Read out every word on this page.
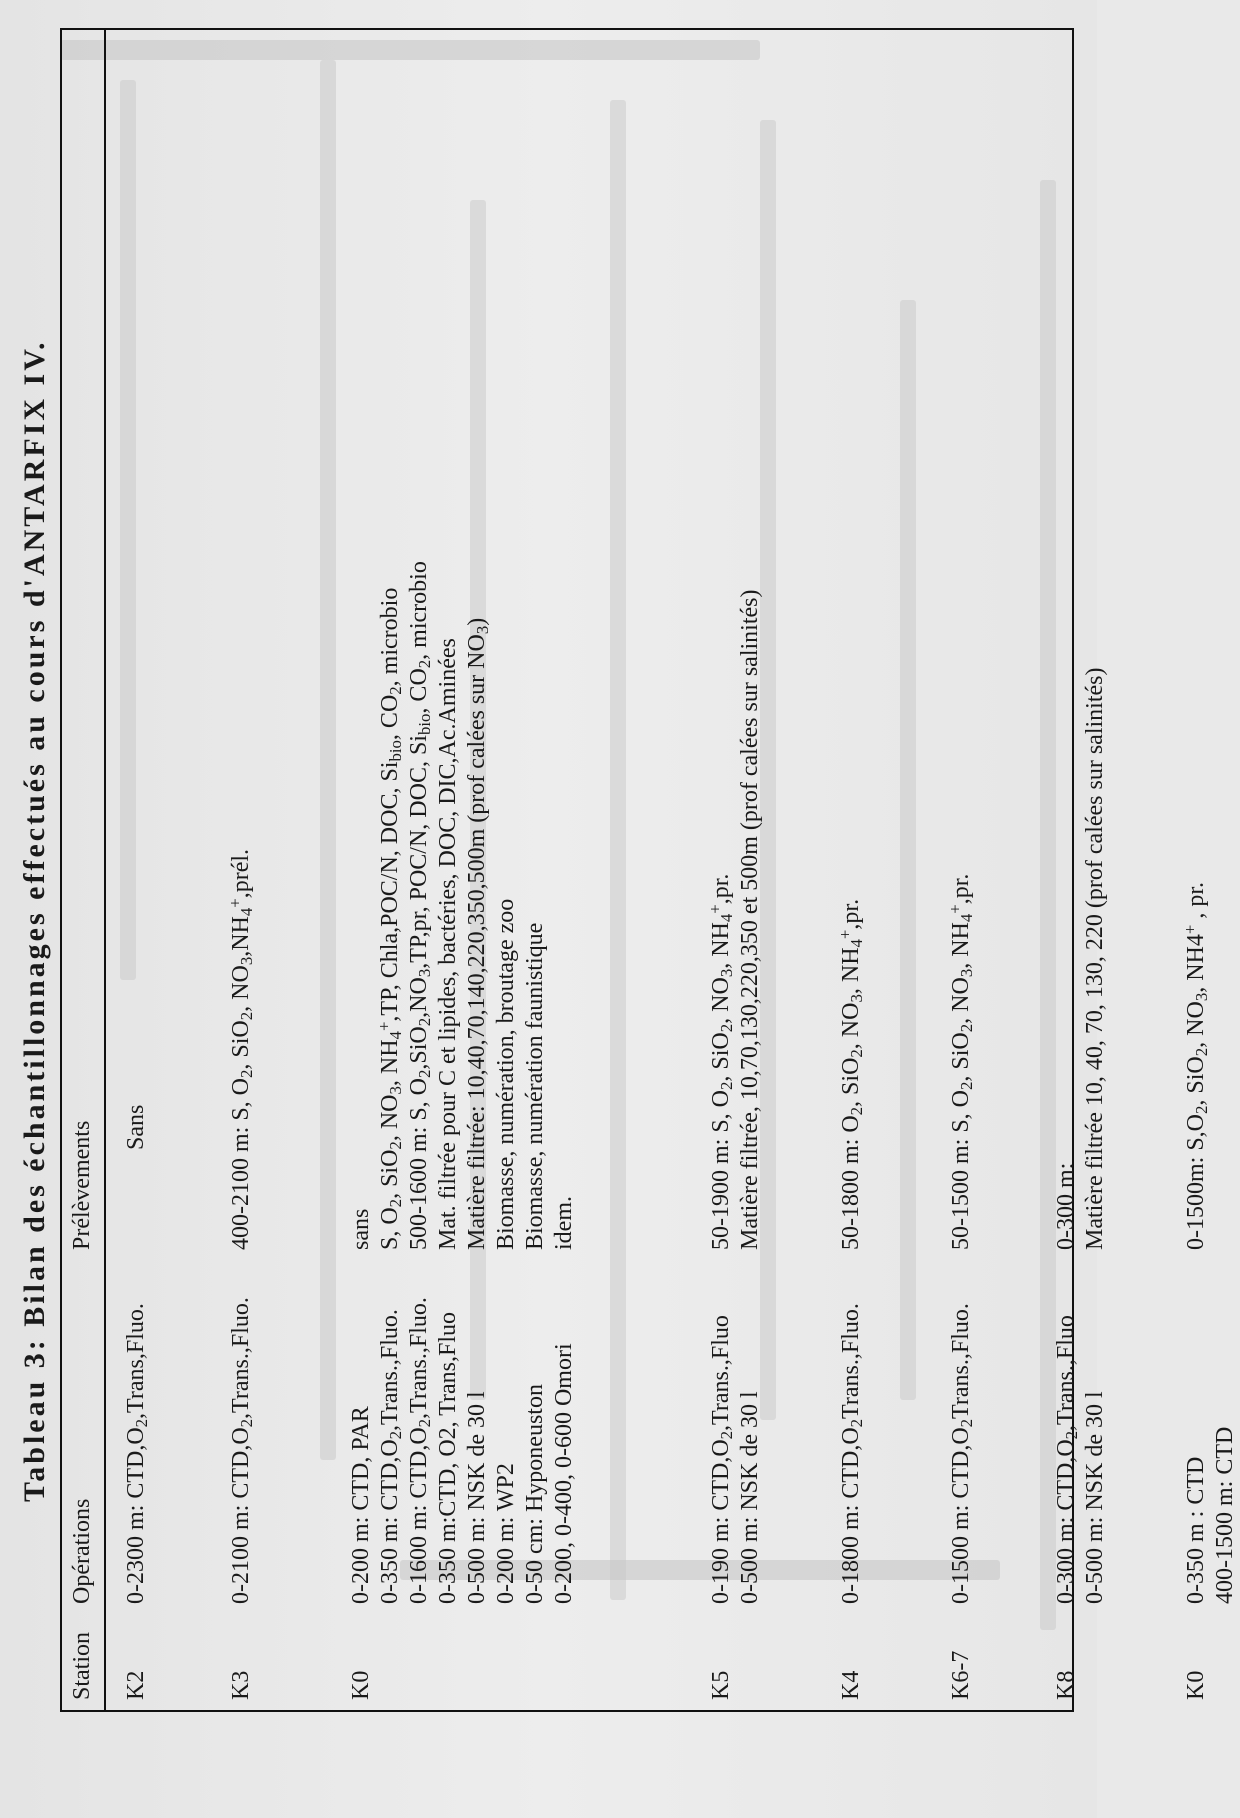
Tableau 3: Bilan des échantillonnages effectués au cours d'ANTARFIX IV.
Station
Opérations
Prélèvements
K2
0-2300 m: $CTD,O_2,Trans,Fluo$.
Sans
K3
0-2100 m: $CTD,O_2,Trans.,Fluo$.
400-2100 m: S, $O_2$, SiO$_2$, $NO_3,NH_4^+,prél$.
K0
0-200 m: CTD, PAR 0-350 m: $CTD,O_2,Trans.,Fluo$.
0-1600 m: $CTD,O_2,Trans.,Fluo$. 0-350 m:CTD, O2, Trans,Fluo 0-500 m: NSK de 30 l 0-200 m: WP2 0-50 cm: Hyponeuston 0-200, 0-400, 0-600 Omori
sans S, $O_2$, SiO$_2$, $NO_3$, $NH_4^+,TP$, Chla,POC/N, DOC, $Si_{bio}$, $CO_2$, microbio
500-1600 m: S, $O_2,SiO_2,NO_3,TP,pr$, POC/N, DOC, $Si_{bio}$, $CO_2$, microbio
Mat. filtrée pour C et lipides, bactéries, DOC, DIC,Ac.Aminées Matière filtrée: 10,40,70,140,220,350,500m (prof calées sur $NO_3$)
Biomasse, numération, broutage zoo Biomasse, numération faunistique idem.
K5
0-190 m: $CTD,O_2,Trans.,Fluo$
0-500 m: NSK de 30 l
50-1900 m: S, $O_2$, SiO$_2$, $NO_3$, $NH_4^+,pr$. Matière filtrée, 10,70,130,220,350 et 500m (prof calées sur salinités)
K4
0-1800 m: $CTD,O_2Trans.,Fluo$.
50-1800 m: $O_2$, SiO$_2$, $NO_3$, $NH_4^+,pr$.
K6-7
0-1500 m: $CTD,O_2Trans.,Fluo$.
50-1500 m: S, $O_2$, SiO$_2$, $NO_3$, $NH_4^+,pr$.
K8
0-300 m: $CTD,O_2,Trans.,Fluo$
0-500 m: NSK de 30 l
0-300 m: Matière filtrée 10, 40, 70, 130, 220 (prof calées sur salinités)
K0
0-350 m : CTD 400-1500 m: CTD
0-1500m: $S,O_2$, SiO$_2$, $NO_3$, NH4+ , pr.
